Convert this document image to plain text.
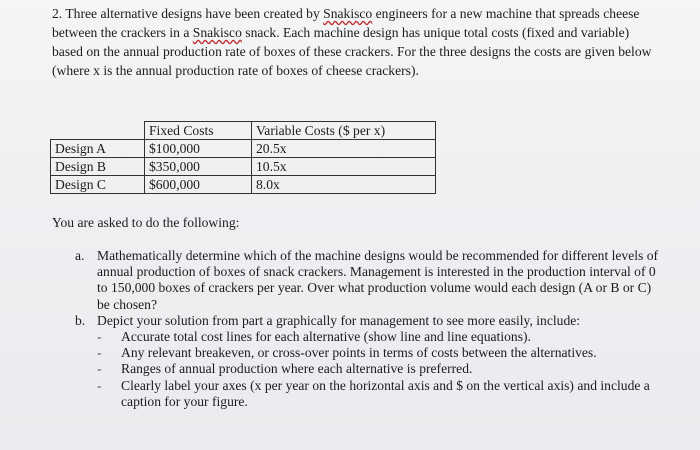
2. Three alternative designs have been created by Snakisco engineers for a new machine that spreads cheese between the crackers in a Snakisco snack. Each machine design has unique total costs (fixed and variable) based on the annual production rate of boxes of these crackers. For the three designs the costs are given below (where x is the annual production rate of boxes of cheese crackers).
	Fixed Costs	Variable Costs ($ per x)
Design A	$100,000	20.5x
Design B	$350,000	10.5x
Design C	$600,000	8.0x
You are asked to do the following:
a. Mathematically determine which of the machine designs would be recommended for different levels of annual production of boxes of snack crackers. Management is interested in the production interval of 0 to 150,000 boxes of crackers per year. Over what production volume would each design (A or B or C) be chosen?
b. Depict your solution from part a graphically for management to see more easily, include:
-	Accurate total cost lines for each alternative (show line and line equations).
-	Any relevant breakeven, or cross-over points in terms of costs between the alternatives.
-	Ranges of annual production where each alternative is preferred.
-	Clearly label your axes (x per year on the horizontal axis and $ on the vertical axis) and include a caption for your figure.
